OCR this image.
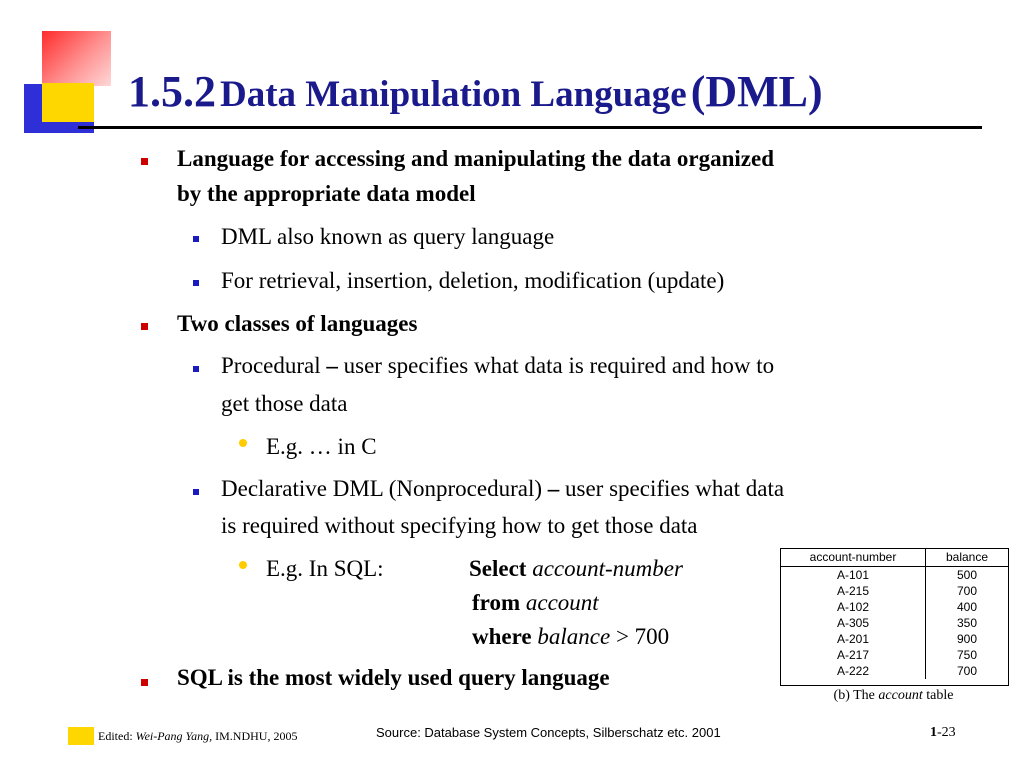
1.5.2 Data Manipulation Language (DML)
Language for accessing and manipulating the data organized
by the appropriate data model
DML also known as query language
For retrieval, insertion, deletion, modification (update)
Two classes of languages
Procedural – user specifies what data is required and how to
get those data
E.g. … in C
Declarative DML (Nonprocedural) – user specifies what data
is required without specifying how to get those data
E.g. In SQL:	Select account-number
from account
where balance > 700
SQL is the most widely used query language
account-number	balance
A-101	500
A-215	700
A-102	400
A-305	350
A-201	900
A-217	750
A-222	700
(b) The account table
Edited: Wei-Pang Yang, IM.NDHU, 2005	Source: Database System Concepts, Silberschatz etc. 2001	1-23
